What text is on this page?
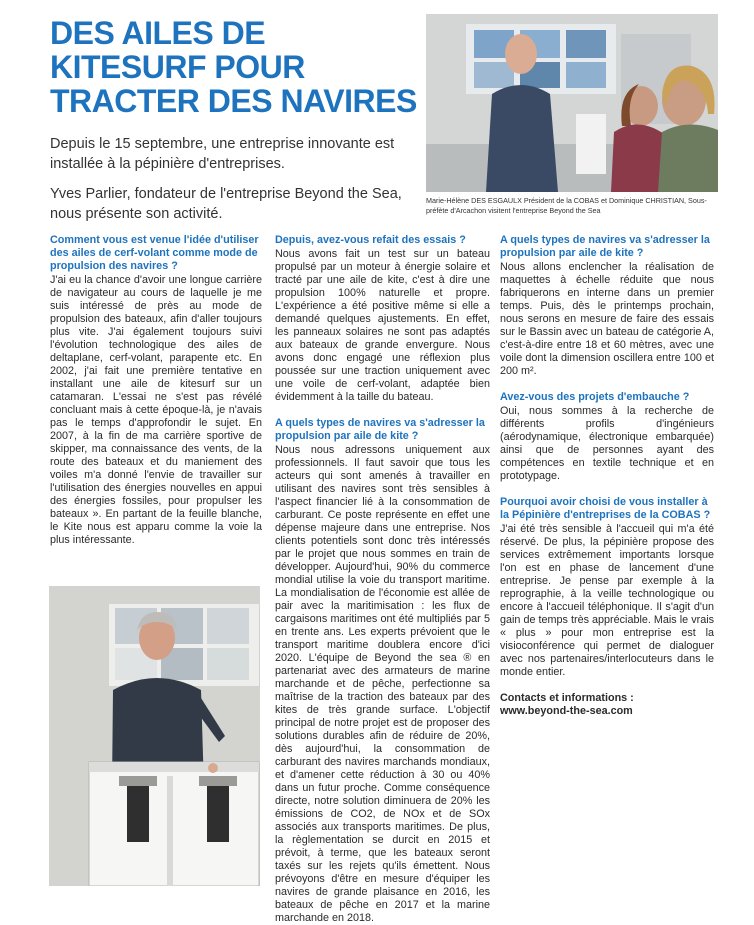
DES AILES DE KITESURF POUR TRACTER DES NAVIRES

Depuis le 15 septembre, une entreprise innovante est installée à la pépinière d'entreprises.

Yves Parlier, fondateur de l'entreprise Beyond the Sea, nous présente son activité.

Marie-Hélène DES ESGAULX Président de la COBAS et Dominique CHRISTIAN, Sous-préfète d'Arcachon visitent l'entreprise Beyond the Sea

Comment vous est venue l'idée d'utiliser des ailes de cerf-volant comme mode de propulsion des navires ?

J'ai eu la chance d'avoir une longue carrière de navigateur au cours de laquelle je me suis intéressé de près au mode de propulsion des bateaux, afin d'aller toujours plus vite. J'ai également toujours suivi l'évolution technologique des ailes de deltaplane, cerf-volant, parapente etc. En 2002, j'ai fait une première tentative en installant une aile de kitesurf sur un catamaran. L'essai ne s'est pas révélé concluant mais à cette époque-là, je n'avais pas le temps d'approfondir le sujet. En 2007, à la fin de ma carrière sportive de skipper, ma connaissance des vents, de la route des bateaux et du maniement des voiles m'a donné l'envie de travailler sur l'utilisation des énergies nouvelles en appui des énergies fossiles, pour propulser les bateaux ». En partant de la feuille blanche, le Kite nous est apparu comme la voie la plus intéressante.

Depuis, avez-vous refait des essais ?

Nous avons fait un test sur un bateau propulsé par un moteur à énergie solaire et tracté par une aile de kite, c'est à dire une propulsion 100% naturelle et propre. L'expérience a été positive même si elle a demandé quelques ajustements. En effet, les panneaux solaires ne sont pas adaptés aux bateaux de grande envergure. Nous avons donc engagé une réflexion plus poussée sur une traction uniquement avec une voile de cerf-volant, adaptée bien évidemment à la taille du bateau.

A quels types de navires va s'adresser la propulsion par aile de kite ?

Nous nous adressons uniquement aux professionnels. Il faut savoir que tous les acteurs qui sont amenés à travailler en utilisant des navires sont très sensibles à l'aspect financier lié à la consommation de carburant. Ce poste représente en effet une dépense majeure dans une entreprise. Nos clients potentiels sont donc très intéressés par le projet que nous sommes en train de développer. Aujourd'hui, 90% du commerce mondial utilise la voie du transport maritime. La mondialisation de l'économie est allée de pair avec la maritimisation : les flux de cargaisons maritimes ont été multipliés par 5 en trente ans. Les experts prévoient que le transport maritime doublera encore d'ici 2020. L'équipe de Beyond the sea ® en partenariat avec des armateurs de marine marchande et de pêche, perfectionne sa maîtrise de la traction des bateaux par des kites de très grande surface. L'objectif principal de notre projet est de proposer des solutions durables afin de réduire de 20%, dès aujourd'hui, la consommation de carburant des navires marchands mondiaux, et d'amener cette réduction à 30 ou 40% dans un futur proche. Comme conséquence directe, notre solution diminuera de 20% les émissions de CO2, de NOx et de SOx associés aux transports maritimes. De plus, la règlementation se durcit en 2015 et prévoit, à terme, que les bateaux seront taxés sur les rejets qu'ils émettent. Nous prévoyons d'être en mesure d'équiper les navires de grande plaisance en 2016, les bateaux de pêche en 2017 et la marine marchande en 2018.

A quels types de navires va s'adresser la propulsion par aile de kite ?

Nous allons enclencher la réalisation de maquettes à échelle réduite que nous fabriquerons en interne dans un premier temps. Puis, dès le printemps prochain, nous serons en mesure de faire des essais sur le Bassin avec un bateau de catégorie A, c'est-à-dire entre 18 et 60 mètres, avec une voile dont la dimension oscillera entre 100 et 200 m².

Avez-vous des projets d'embauche ?

Oui, nous sommes à la recherche de différents profils d'ingénieurs (aérodynamique, électronique embarquée) ainsi que de personnes ayant des compétences en textile technique et en prototypage.

Pourquoi avoir choisi de vous installer à la Pépinière d'entreprises de la COBAS ?

J'ai été très sensible à l'accueil qui m'a été réservé. De plus, la pépinière propose des services extrêmement importants lorsque l'on est en phase de lancement d'une entreprise. Je pense par exemple à la reprographie, à la veille technologique ou encore à l'accueil téléphonique. Il s'agit d'un gain de temps très appréciable. Mais le vrais « plus » pour mon entreprise est la visioconférence qui permet de dialoguer avec nos partenaires/interlocuteurs dans le monde entier.

Contacts et informations :

www.beyond-the-sea.com
